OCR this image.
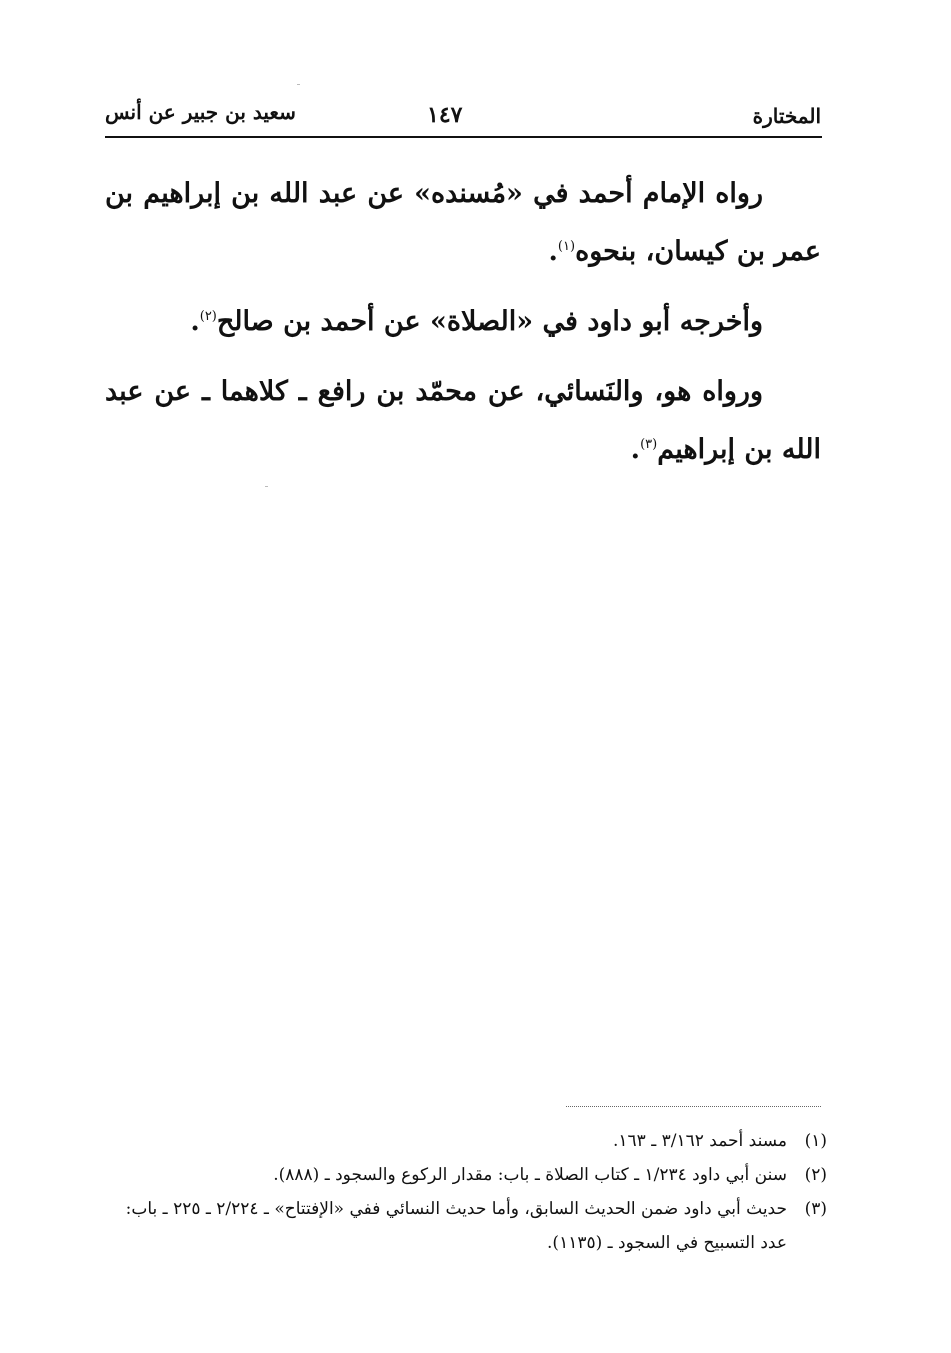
المختارة
١٤٧
سعيد بن جبير عن أنس

رواه الإمام أحمد في «مُسنده» عن عبد الله بن إبراهيم بن عمر بن كيسان، بنحوه$^{(١)}$.

وأخرجه أبو داود في «الصلاة» عن أحمد بن صالح$^{(٢)}$.

ورواه هو، والنَسائي، عن محمّد بن رافع ـ كلاهما ـ عن عبد الله بن إبراهيم$^{(٣)}$.

(١)
مسند أحمد ٣/١٦٢ ـ ١٦٣.
(٢)
سنن أبي داود ١/٢٣٤ ـ كتاب الصلاة ـ باب: مقدار الركوع والسجود ـ (٨٨٨).
(٣)
حديث أبي داود ضمن الحديث السابق، وأما حديث النسائي ففي «الإفتتاح» ـ ٢/٢٢٤ ـ ٢٢٥ ـ باب: عدد التسبيح في السجود ـ (١١٣٥).
